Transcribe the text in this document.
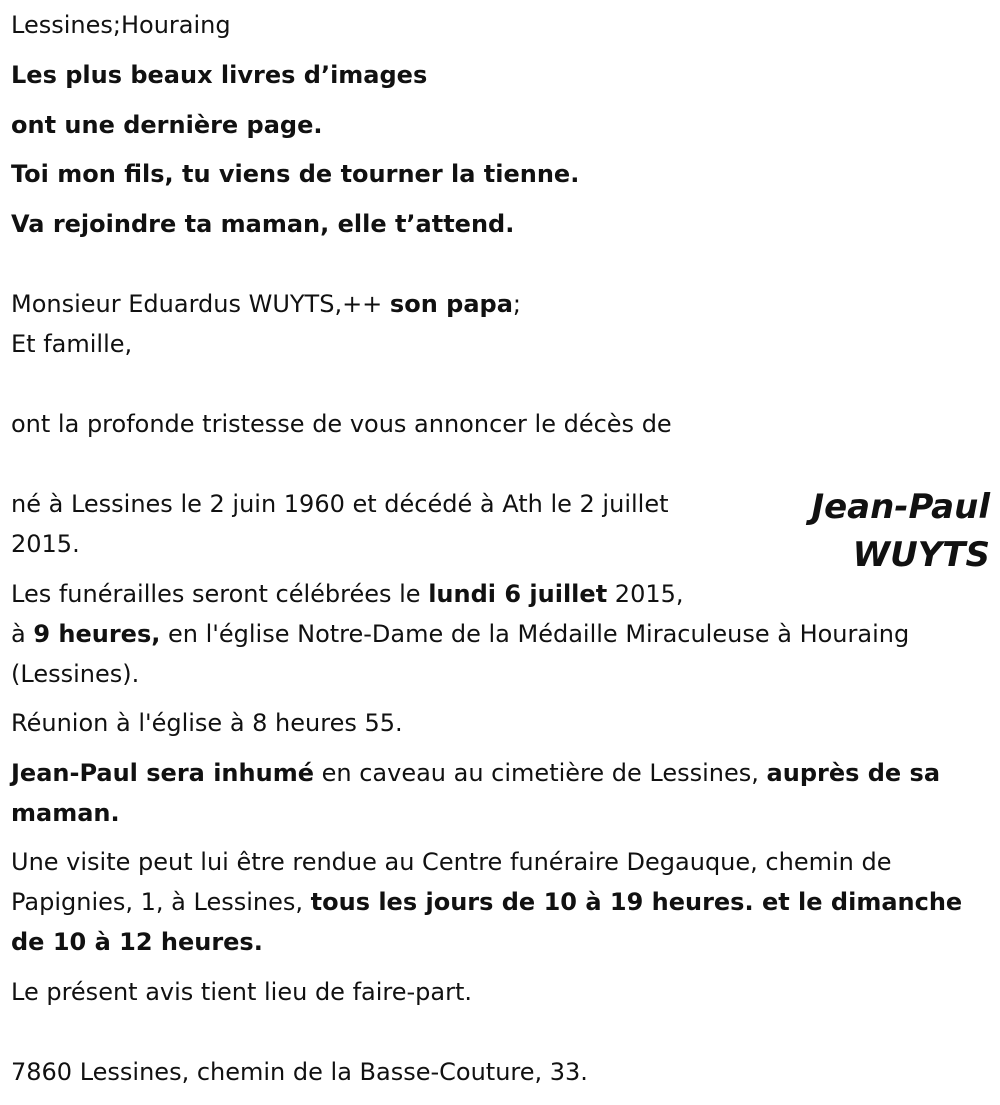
Lessines;Houraing
Les plus beaux livres d’images
ont une dernière page.
Toi mon fils, tu viens de tourner la tienne.
Va rejoindre ta maman, elle t’attend.
Monsieur Eduardus WUYTS,++ son papa;
Et famille,
ont la profonde tristesse de vous annoncer le décès de
Jean-Paul
WUYTS
né à Lessines le 2 juin 1960 et décédé à Ath le 2 juillet
2015.
Les funérailles seront célébrées le lundi 6 juillet 2015,
à 9 heures, en l'église Notre-Dame de la Médaille Miraculeuse à Houraing
(Lessines).
Réunion à l'église à 8 heures 55.
Jean-Paul sera inhumé en caveau au cimetière de Lessines, auprès de sa
maman.
Une visite peut lui être rendue au Centre funéraire Degauque, chemin de
Papignies, 1, à Lessines, tous les jours de 10 à 19 heures. et le dimanche
de 10 à 12 heures.
Le présent avis tient lieu de faire-part.
7860 Lessines, chemin de la Basse-Couture, 33.
